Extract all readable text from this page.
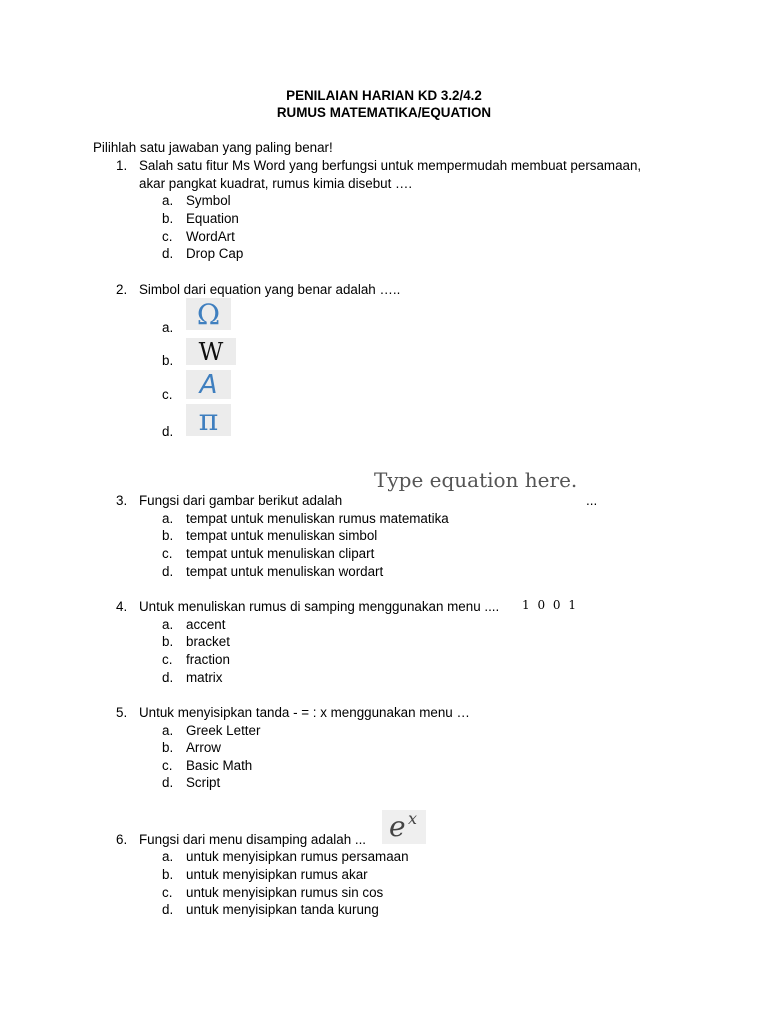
PENILAIAN HARIAN KD 3.2/4.2
RUMUS MATEMATIKA/EQUATION
Pilihlah satu jawaban yang paling benar!
1. Salah satu fitur Ms Word yang berfungsi untuk mempermudah membuat persamaan,
akar pangkat kuadrat, rumus kimia disebut ….
a. Symbol
b. Equation
c. WordArt
d. Drop Cap
2. Simbol dari equation yang benar adalah …..
a. Ω
b.	W
c.	A
d. π
Type equation here.
3. Fungsi dari gambar berikut adalah	...
a. tempat untuk menuliskan rumus matematika
b. tempat untuk menuliskan simbol
c. tempat untuk menuliskan clipart
d. tempat untuk menuliskan wordart
4. Untuk menuliskan rumus di samping menggunakan menu .... 1 0 0 1
a. accent
b. bracket
c. fraction
d. matrix
5. Untuk menyisipkan tanda - = : x menggunakan menu …
a. Greek Letter
b. Arrow
c. Basic Math
d. Script
e x
6. Fungsi dari menu disamping adalah ...
a. untuk menyisipkan rumus persamaan
b. untuk menyisipkan rumus akar
c. untuk menyisipkan rumus sin cos
d. untuk menyisipkan tanda kurung
